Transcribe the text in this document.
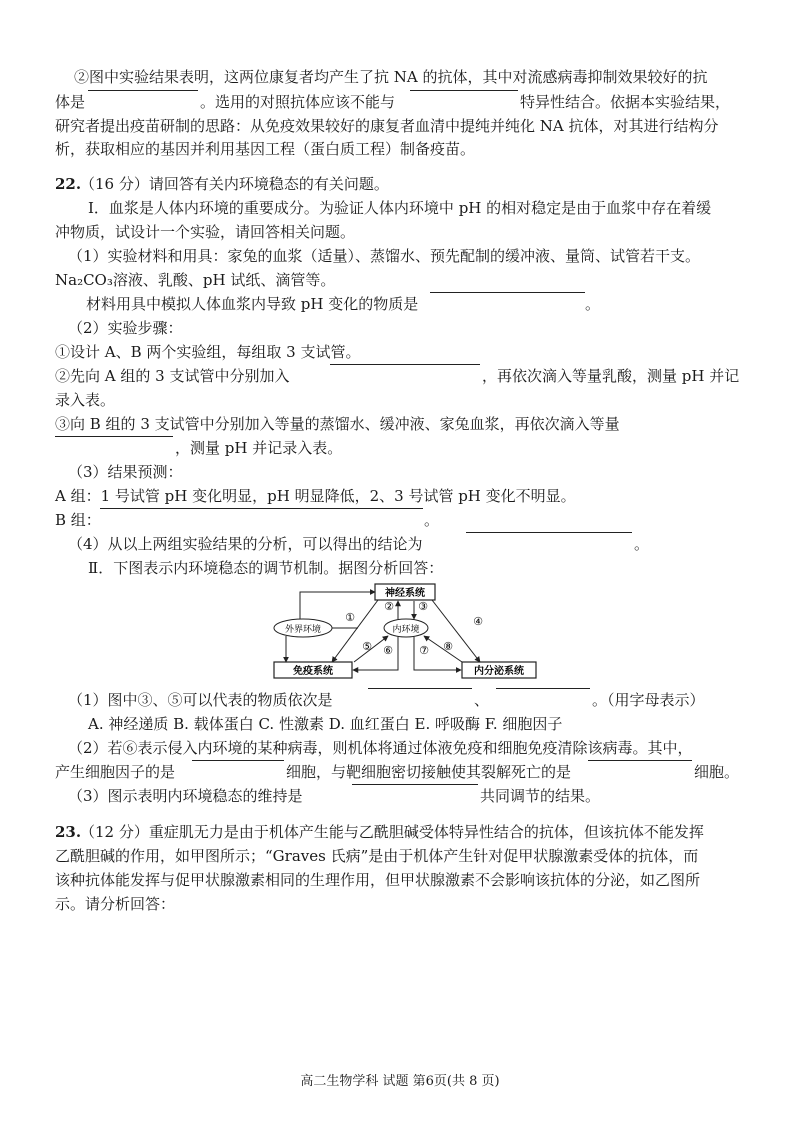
②图中实验结果表明，这两位康复者均产生了抗 NA 的抗体，其中对流感病毒抑制效果较好的抗
体是	。选用的对照抗体应该不能与	特异性结合。依据本实验结果，
研究者提出疫苗研制的思路：从免疫效果较好的康复者血清中提纯并纯化 NA 抗体，对其进行结构分
析，获取相应的基因并利用基因工程（蛋白质工程）制备疫苗。
22.
（16 分）请回答有关内环境稳态的有关问题。
Ⅰ．血浆是人体内环境的重要成分。为验证人体内环境中 pH 的相对稳定是由于血浆中存在着缓
冲物质，试设计一个实验，请回答相关问题。
（1）实验材料和用具：家兔的血浆（适量）、蒸馏水、预先配制的缓冲液、量筒、试管若干支。
Na₂CO₃溶液、乳酸、pH 试纸、滴管等。
材料用具中模拟人体血浆内导致 pH 变化的物质是	。
（2）实验步骤：
①设计 A、B 两个实验组，每组取 3 支试管。
②先向 A 组的 3 支试管中分别加入	，再依次滴入等量乳酸，测量 pH 并记
录入表。
③向 B 组的 3 支试管中分别加入等量的蒸馏水、缓冲液、家兔血浆，再依次滴入等量
，测量 pH 并记录入表。
（3）结果预测：
A 组：1 号试管 pH 变化明显，pH 明显降低，2、3 号试管 pH 变化不明显。
B 组：	。
（4）从以上两组实验结果的分析，可以得出的结论为	。
Ⅱ．下图表示内环境稳态的调节机制。据图分析回答：
神经系统
外界环境	内环境
免疫系统	内分泌系统
①
② ③
④
⑤ ⑥ ⑦ ⑧
（1）图中③、⑤可以代表的物质依次是	、	。（用字母表示）
A. 神经递质 B. 载体蛋白 C. 性激素 D. 血红蛋白 E. 呼吸酶 F. 细胞因子
（2）若⑥表示侵入内环境的某种病毒，则机体将通过体液免疫和细胞免疫清除该病毒。其中，
产生细胞因子的是	细胞，与靶细胞密切接触使其裂解死亡的是	细胞。
（3）图示表明内环境稳态的维持是	共同调节的结果。
23.
（12 分）重症肌无力是由于机体产生能与乙酰胆碱受体特异性结合的抗体，但该抗体不能发挥
乙酰胆碱的作用，如甲图所示；“Graves 氏病”是由于机体产生针对促甲状腺激素受体的抗体，而
该种抗体能发挥与促甲状腺激素相同的生理作用，但甲状腺激素不会影响该抗体的分泌，如乙图所
示。请分析回答：
高二生物学科 试题 第6页(共 8 页)
